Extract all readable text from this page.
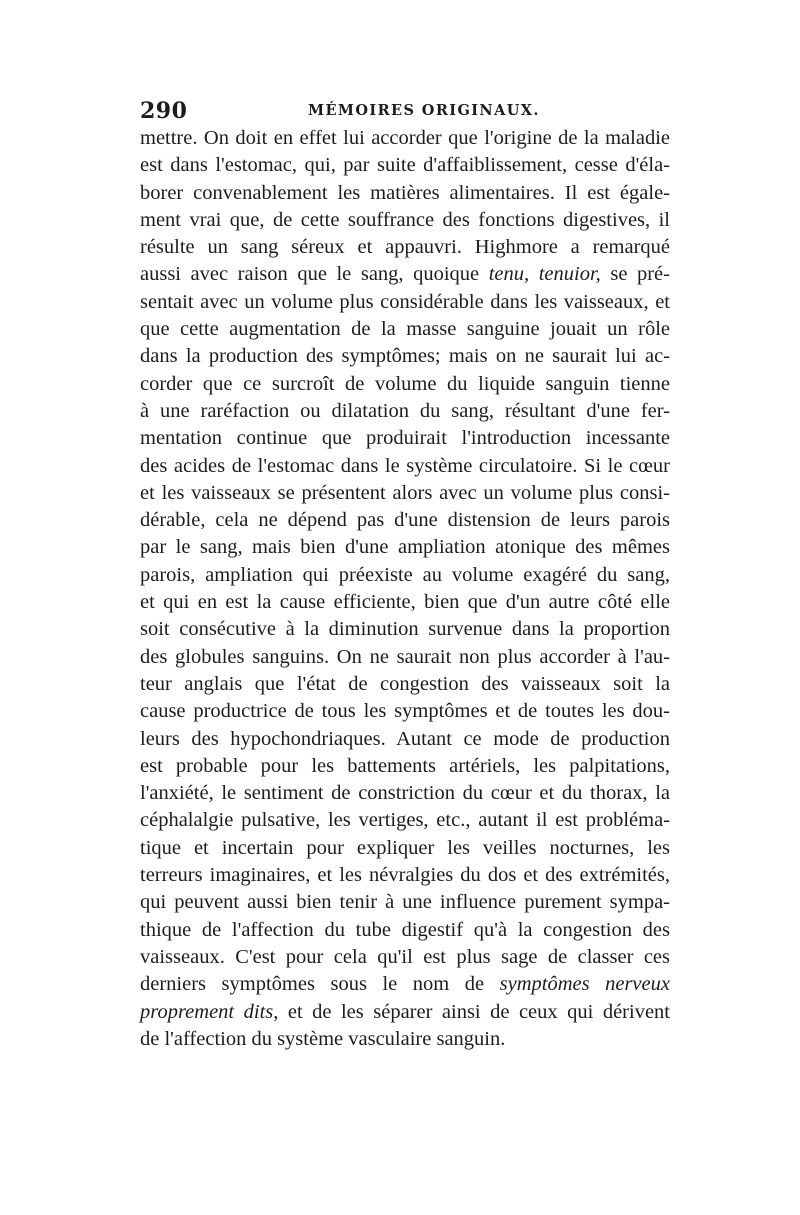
290	MÉMOIRES ORIGINAUX.
mettre. On doit en effet lui accorder que l'origine de la maladie
est dans l'estomac, qui, par suite d'affaiblissement, cesse d'éla-
borer convenablement les matières alimentaires. Il est égale-
ment vrai que, de cette souffrance des fonctions digestives, il
résulte un sang séreux et appauvri. Highmore a remarqué
aussi avec raison que le sang, quoique tenu, tenuior, se pré-
sentait avec un volume plus considérable dans les vaisseaux, et
que cette augmentation de la masse sanguine jouait un rôle
dans la production des symptômes; mais on ne saurait lui ac-
corder que ce surcroît de volume du liquide sanguin tienne
à une raréfaction ou dilatation du sang, résultant d'une fer-
mentation continue que produirait l'introduction incessante
des acides de l'estomac dans le système circulatoire. Si le cœur
et les vaisseaux se présentent alors avec un volume plus consi-
dérable, cela ne dépend pas d'une distension de leurs parois
par le sang, mais bien d'une ampliation atonique des mêmes
parois, ampliation qui préexiste au volume exagéré du sang,
et qui en est la cause efficiente, bien que d'un autre côté elle
soit consécutive à la diminution survenue dans la proportion
des globules sanguins. On ne saurait non plus accorder à l'au-
teur anglais que l'état de congestion des vaisseaux soit la
cause productrice de tous les symptômes et de toutes les dou-
leurs des hypochondriaques. Autant ce mode de production
est probable pour les battements artériels, les palpitations,
l'anxiété, le sentiment de constriction du cœur et du thorax, la
céphalalgie pulsative, les vertiges, etc., autant il est probléma-
tique et incertain pour expliquer les veilles nocturnes, les
terreurs imaginaires, et les névralgies du dos et des extrémités,
qui peuvent aussi bien tenir à une influence purement sympa-
thique de l'affection du tube digestif qu'à la congestion des
vaisseaux. C'est pour cela qu'il est plus sage de classer ces
derniers symptômes sous le nom de symptômes nerveux
proprement dits, et de les séparer ainsi de ceux qui dérivent
de l'affection du système vasculaire sanguin.
